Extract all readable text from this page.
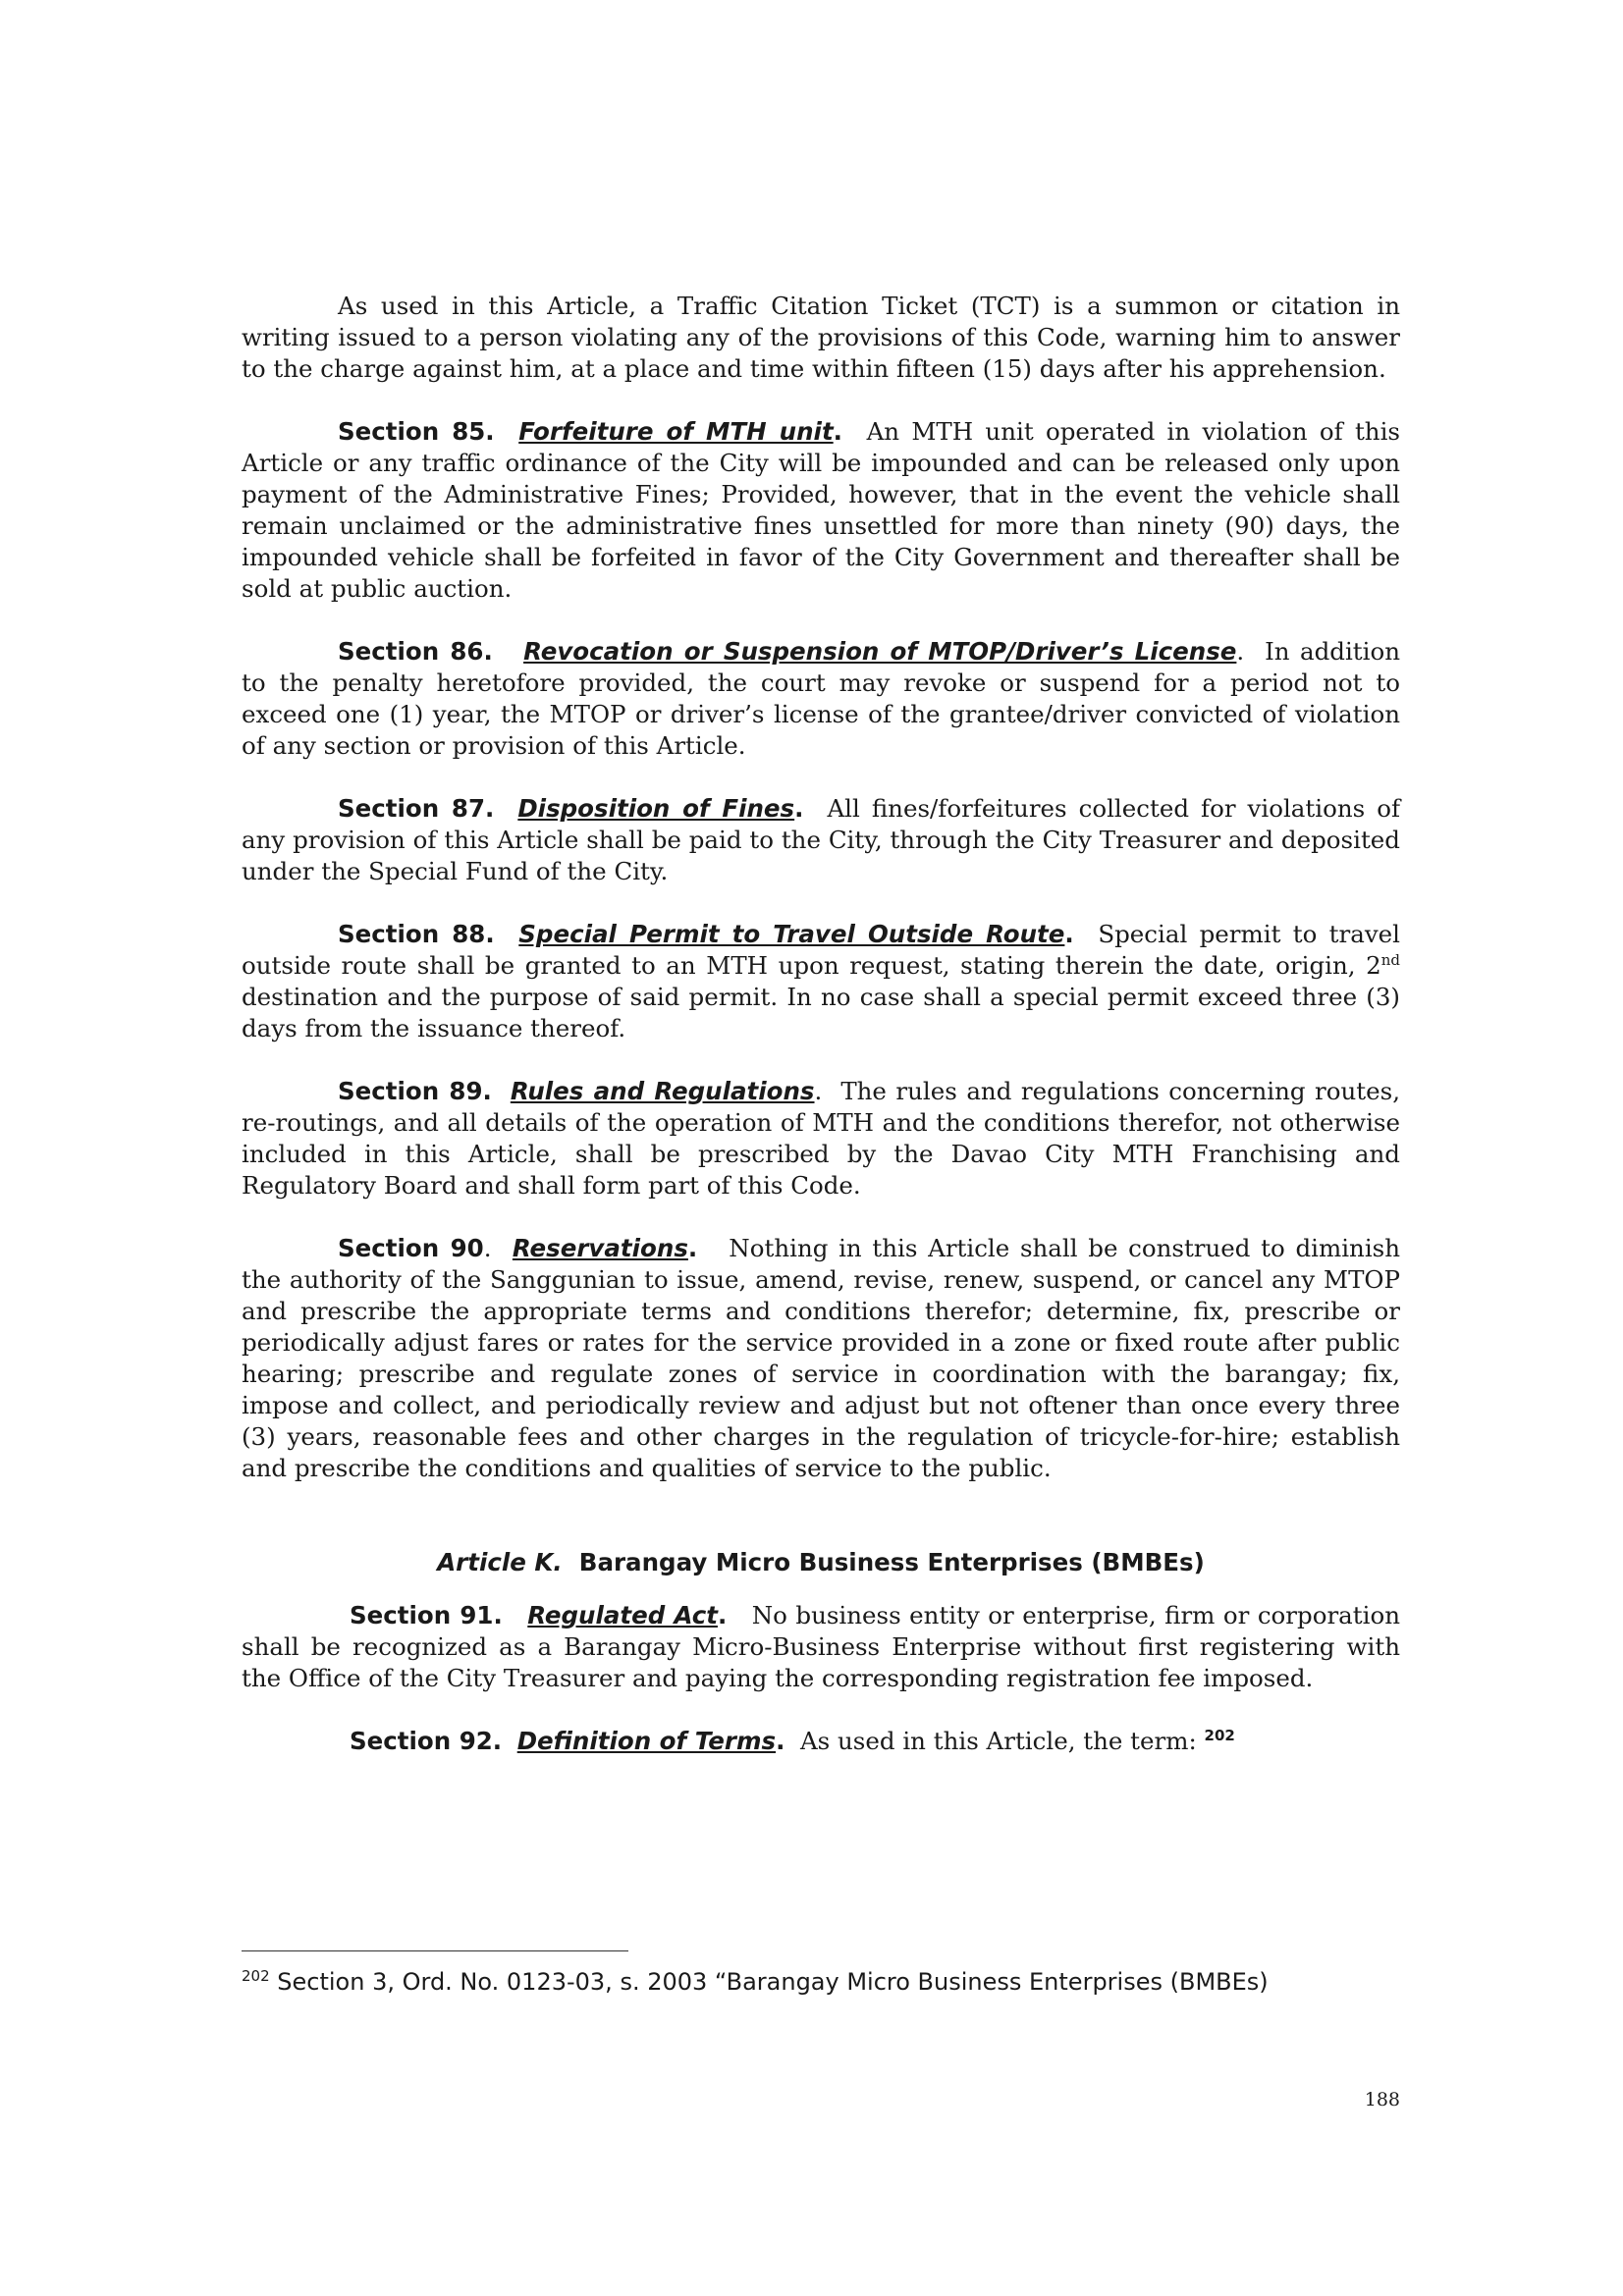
As used in this Article, a Traffic Citation Ticket (TCT) is a summon or citation in writing issued to a person violating any of the provisions of this Code, warning him to answer to the charge against him, at a place and time within fifteen (15) days after his apprehension.

Section 85. Forfeiture of MTH unit. An MTH unit operated in violation of this Article or any traffic ordinance of the City will be impounded and can be released only upon payment of the Administrative Fines; Provided, however, that in the event the vehicle shall remain unclaimed or the administrative fines unsettled for more than ninety (90) days, the impounded vehicle shall be forfeited in favor of the City Government and thereafter shall be sold at public auction.

Section 86. Revocation or Suspension of MTOP/Driver’s License. In addition to the penalty heretofore provided, the court may revoke or suspend for a period not to exceed one (1) year, the MTOP or driver’s license of the grantee/driver convicted of violation of any section or provision of this Article.

Section 87. Disposition of Fines. All fines/forfeitures collected for violations of any provision of this Article shall be paid to the City, through the City Treasurer and deposited under the Special Fund of the City.

Section 88. Special Permit to Travel Outside Route. Special permit to travel outside route shall be granted to an MTH upon request, stating therein the date, origin, 2nd destination and the purpose of said permit. In no case shall a special permit exceed three (3) days from the issuance thereof.

Section 89. Rules and Regulations. The rules and regulations concerning routes, re-routings, and all details of the operation of MTH and the conditions therefor, not otherwise included in this Article, shall be prescribed by the Davao City MTH Franchising and Regulatory Board and shall form part of this Code.

Section 90. Reservations. Nothing in this Article shall be construed to diminish the authority of the Sanggunian to issue, amend, revise, renew, suspend, or cancel any MTOP and prescribe the appropriate terms and conditions therefor; determine, fix, prescribe or periodically adjust fares or rates for the service provided in a zone or fixed route after public hearing; prescribe and regulate zones of service in coordination with the barangay; fix, impose and collect, and periodically review and adjust but not oftener than once every three (3) years, reasonable fees and other charges in the regulation of tricycle-for-hire; establish and prescribe the conditions and qualities of service to the public.

Article K. Barangay Micro Business Enterprises (BMBEs)

Section 91. Regulated Act. No business entity or enterprise, firm or corporation shall be recognized as a Barangay Micro-Business Enterprise without first registering with the Office of the City Treasurer and paying the corresponding registration fee imposed.

Section 92. Definition of Terms. As used in this Article, the term: $^{202}$

$^{202}$ Section 3, Ord. No. 0123-03, s. 2003 “Barangay Micro Business Enterprises (BMBEs)
188
